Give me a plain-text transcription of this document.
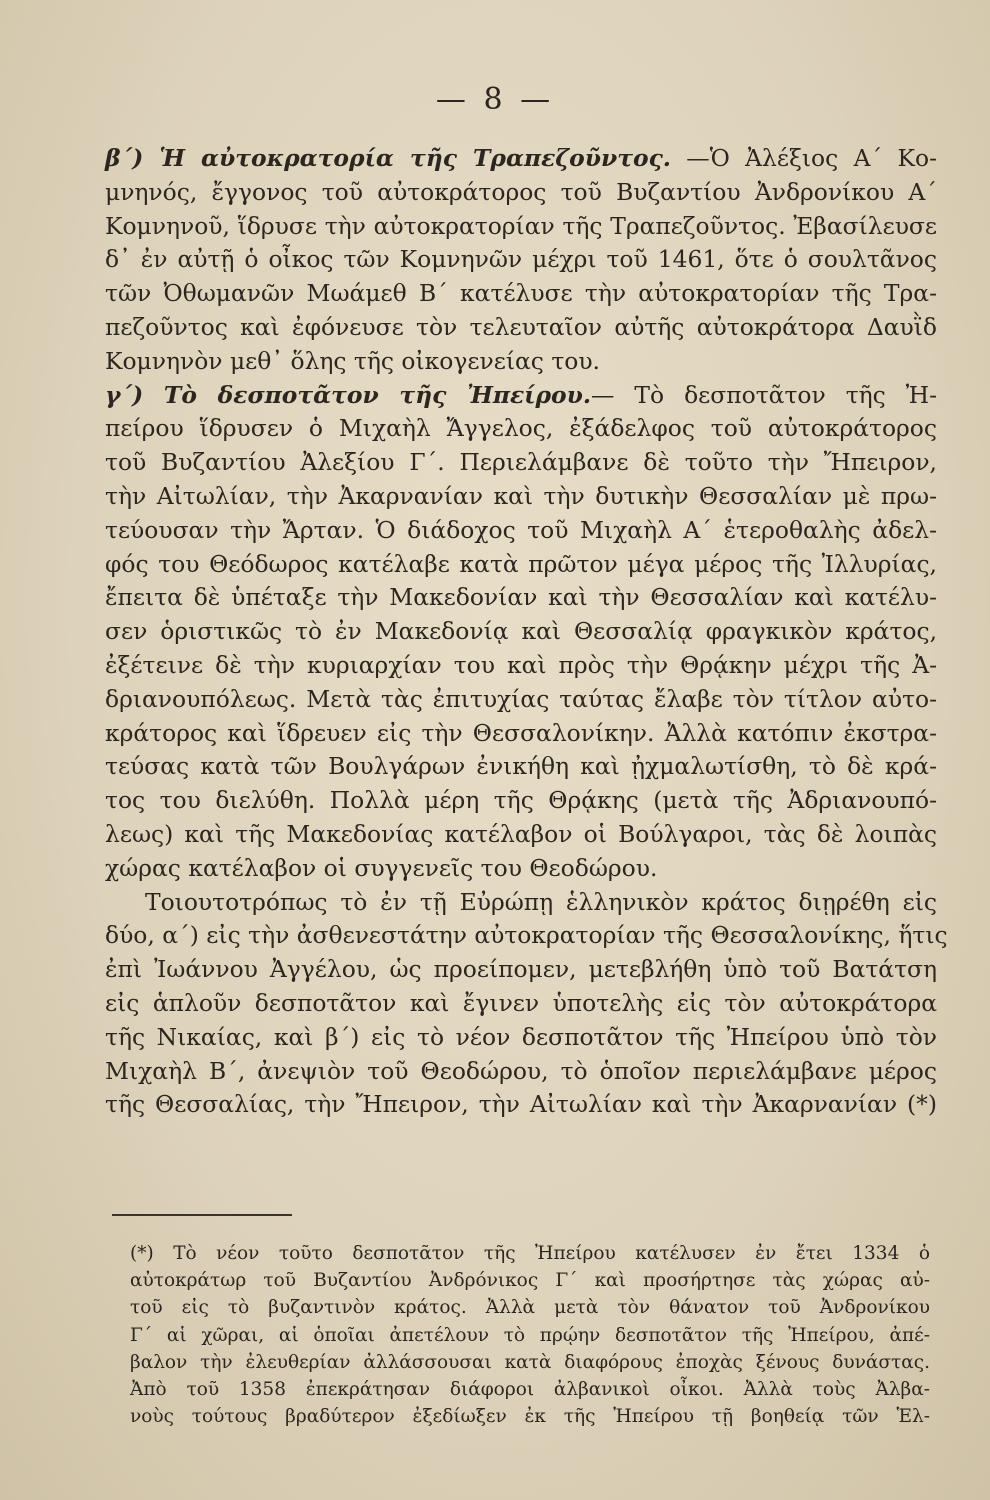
— 8 —
β΄) Ἡ αὐτοκρατορία τῆς Τραπεζοῦντος. —Ὁ Ἀλέξιος Α΄ Κο-
μνηνός, ἔγγονος τοῦ αὐτοκράτορος τοῦ Βυζαντίου Ἀνδρονίκου Α΄
Κομνηνοῦ, ἵδρυσε τὴν αὐτοκρατορίαν τῆς Τραπεζοῦντος. Ἐβασίλευσε
δ᾿ ἐν αὐτῇ ὁ οἶκος τῶν Κομνηνῶν μέχρι τοῦ 1461, ὅτε ὁ σουλτᾶνος
τῶν Ὀθωμανῶν Μωάμεθ Β΄ κατέλυσε τὴν αὐτοκρατορίαν τῆς Τρα-
πεζοῦντος καὶ ἐφόνευσε τὸν τελευταῖον αὐτῆς αὐτοκράτορα Δαυῒδ
Κομνηνὸν μεθ᾿ ὅλης τῆς οἰκογενείας του.
γ΄) Τὸ δεσποτᾶτον τῆς Ἠπείρου.— Τὸ δεσποτᾶτον τῆς Ἠ-
πείρου ἵδρυσεν ὁ Μιχαὴλ Ἄγγελος, ἐξάδελφος τοῦ αὐτοκράτορος
τοῦ Βυζαντίου Ἀλεξίου Γ΄. Περιελάμβανε δὲ τοῦτο τὴν Ἤπειρον,
τὴν Αἰτωλίαν, τὴν Ἀκαρνανίαν καὶ τὴν δυτικὴν Θεσσαλίαν μὲ πρω-
τεύουσαν τὴν Ἄρταν. Ὁ διάδοχος τοῦ Μιχαὴλ Α΄ ἑτεροθαλὴς ἀδελ-
φός του Θεόδωρος κατέλαβε κατὰ πρῶτον μέγα μέρος τῆς Ἰλλυρίας,
ἔπειτα δὲ ὑπέταξε τὴν Μακεδονίαν καὶ τὴν Θεσσαλίαν καὶ κατέλυ-
σεν ὁριστικῶς τὸ ἐν Μακεδονίᾳ καὶ Θεσσαλίᾳ φραγκικὸν κράτος,
ἐξέτεινε δὲ τὴν κυριαρχίαν του καὶ πρὸς τὴν Θρᾴκην μέχρι τῆς Ἀ-
δριανουπόλεως. Μετὰ τὰς ἐπιτυχίας ταύτας ἔλαβε τὸν τίτλον αὐτο-
κράτορος καὶ ἵδρευεν εἰς τὴν Θεσσαλονίκην. Ἀλλὰ κατόπιν ἐκστρα-
τεύσας κατὰ τῶν Βουλγάρων ἐνικήθη καὶ ᾐχμαλωτίσθη, τὸ δὲ κρά-
τος του διελύθη. Πολλὰ μέρη τῆς Θρᾴκης (μετὰ τῆς Ἀδριανουπό-
λεως) καὶ τῆς Μακεδονίας κατέλαβον οἱ Βούλγαροι, τὰς δὲ λοιπὰς
χώρας κατέλαβον οἱ συγγενεῖς του Θεοδώρου.
Τοιουτοτρόπως τὸ ἐν τῇ Εὐρώπῃ ἑλληνικὸν κράτος διῃρέθη εἰς
δύο, α΄) εἰς τὴν ἀσθενεστάτην αὐτοκρατορίαν τῆς Θεσσαλονίκης, ἥτις
ἐπὶ Ἰωάννου Ἀγγέλου, ὡς προείπομεν, μετεβλήθη ὑπὸ τοῦ Βατάτση
εἰς ἁπλοῦν δεσποτᾶτον καὶ ἔγινεν ὑποτελὴς εἰς τὸν αὐτοκράτορα
τῆς Νικαίας, καὶ β΄) εἰς τὸ νέον δεσποτᾶτον τῆς Ἠπείρου ὑπὸ τὸν
Μιχαὴλ Β΄, ἀνεψιὸν τοῦ Θεοδώρου, τὸ ὁποῖον περιελάμβανε μέρος
τῆς Θεσσαλίας, τὴν Ἤπειρον, τὴν Αἰτωλίαν καὶ τὴν Ἀκαρνανίαν (*)
(*) Τὸ νέον τοῦτο δεσποτᾶτον τῆς Ἠπείρου κατέλυσεν ἐν ἔτει 1334 ὁ
αὐτοκράτωρ τοῦ Βυζαντίου Ἀνδρόνικος Γ΄ καὶ προσήρτησε τὰς χώρας αὐ-
τοῦ εἰς τὸ βυζαντινὸν κράτος. Ἀλλὰ μετὰ τὸν θάνατον τοῦ Ἀνδρονίκου
Γ΄ αἱ χῶραι, αἱ ὁποῖαι ἀπετέλουν τὸ πρῴην δεσποτᾶτον τῆς Ἠπείρου, ἀπέ-
βαλον τὴν ἐλευθερίαν ἀλλάσσουσαι κατὰ διαφόρους ἐποχὰς ξένους δυνάστας.
Ἀπὸ τοῦ 1358 ἐπεκράτησαν διάφοροι ἀλβανικοὶ οἶκοι. Ἀλλὰ τοὺς Ἀλβα-
νοὺς τούτους βραδύτερον ἐξεδίωξεν ἐκ τῆς Ἠπείρου τῇ βοηθείᾳ τῶν Ἑλ-
